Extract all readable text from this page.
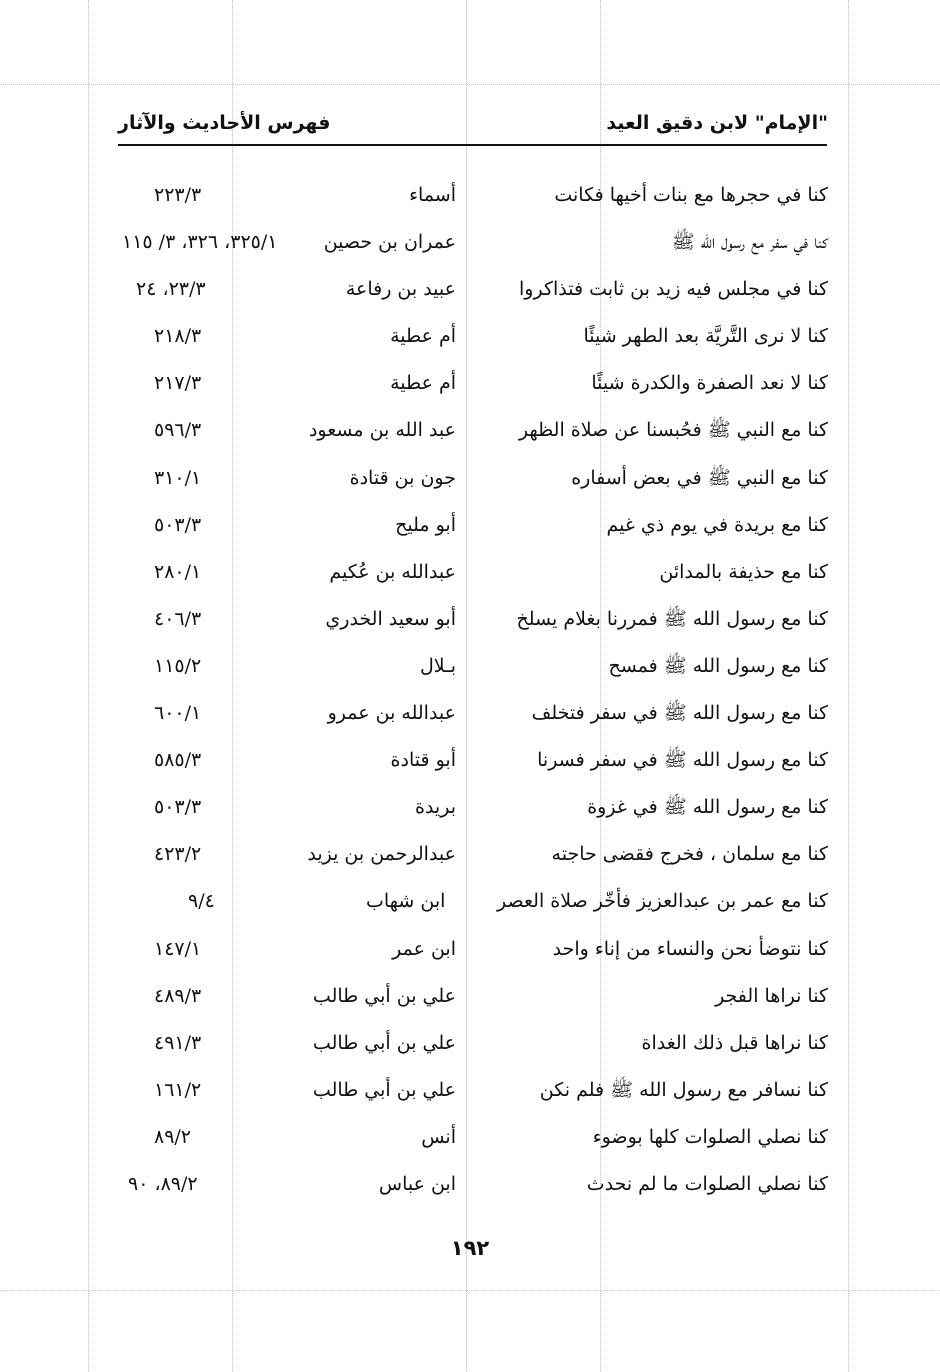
"الإمام" لابن دقيق العيد
فهرس الأحاديث والآثار
كنا في حجرها مع بنات أخيها فكانت
أسماء
٢٢٣/٣
كنا في سفر مع رسول الله ﷺ
عمران بن حصين
٣٢٥/١، ٣٢٦، ٣/ ١١٥
كنا في مجلس فيه زيد بن ثابت فتذاكروا
عبيد بن رفاعة
٢٣/٣، ٢٤
كنا لا نرى التَّريَّة بعد الطهر شيئًا
أم عطية
٢١٨/٣
كنا لا نعد الصفرة والكدرة شيئًا
أم عطية
٢١٧/٣
كنا مع النبي ﷺ فحُبسنا عن صلاة الظهر
عبد الله بن مسعود
٥٩٦/٣
كنا مع النبي ﷺ في بعض أسفاره
جون بن قتادة
٣١٠/١
كنا مع بريدة في يوم ذي غيم
أبو مليح
٥٠٣/٣
كنا مع حذيفة بالمدائن
عبدالله بن عُكيم
٢٨٠/١
كنا مع رسول الله ﷺ فمررنا بغلام يسلخ
أبو سعيد الخدري
٤٠٦/٣
كنا مع رسول الله ﷺ فمسح
بـلال
١١٥/٢
كنا مع رسول الله ﷺ في سفر فتخلف
عبدالله بن عمرو
٦٠٠/١
كنا مع رسول الله ﷺ في سفر فسرنا
أبو قتادة
٥٨٥/٣
كنا مع رسول الله ﷺ في غزوة
بريدة
٥٠٣/٣
كنا مع سلمان ، فخرج فقضى حاجته
عبدالرحمن بن يزيد
٤٢٣/٢
كنا مع عمر بن عبدالعزيز فأخّر صلاة العصر
ابن شهاب
٩/٤
كنا نتوضأ نحن والنساء من إناء واحد
ابن عمر
١٤٧/١
كنا نراها الفجر
علي بن أبي طالب
٤٨٩/٣
كنا نراها قبل ذلك الغداة
علي بن أبي طالب
٤٩١/٣
كنا نسافر مع رسول الله ﷺ فلم نكن
علي بن أبي طالب
١٦١/٢
كنا نصلي الصلوات كلها بوضوء
أنس
٨٩/٢
كنا نصلي الصلوات ما لم نحدث
ابن عباس
٨٩/٢، ٩٠
١٩٢
